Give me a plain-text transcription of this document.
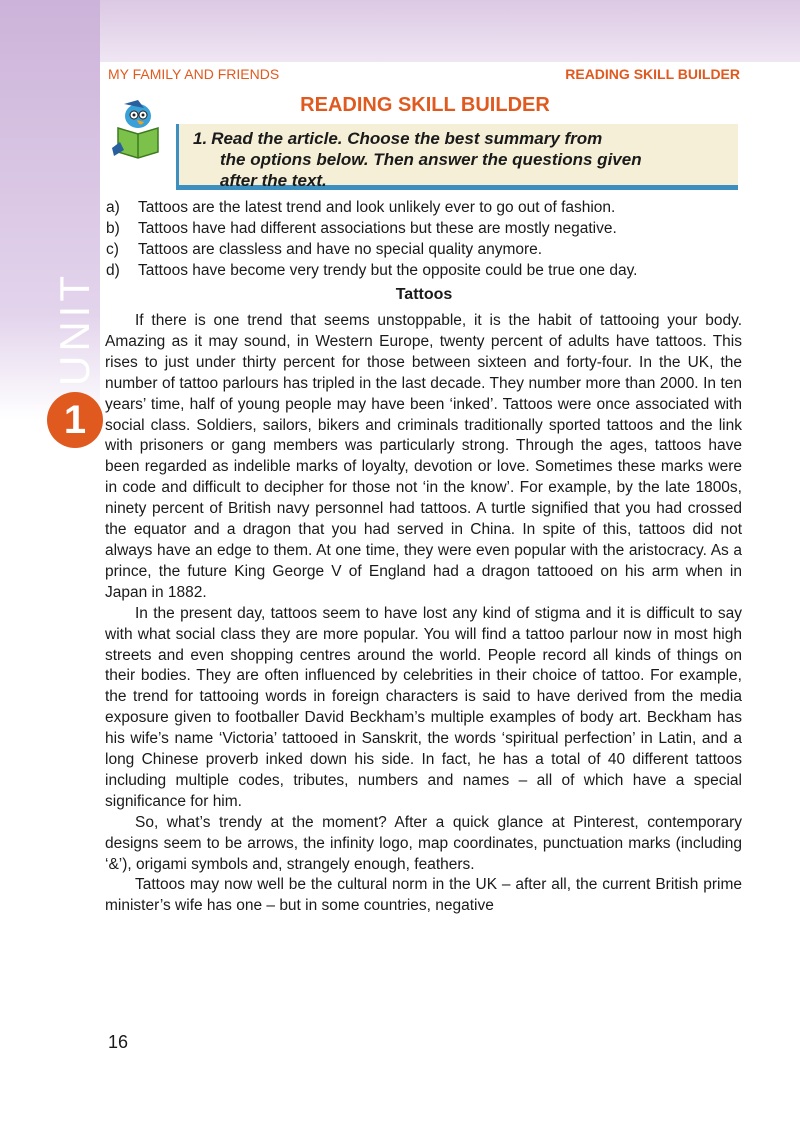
1
UNIT
MY FAMILY AND FRIENDS	READING SKILL BUILDER
READING SKILL BUILDER
1. Read the article. Choose the best summary from
the options below. Then answer the questions given
after the text.
a) Tattoos are the latest trend and look unlikely ever to go out of fashion.
b) Tattoos have had different associations but these are mostly negative.
c) Tattoos are classless and have no special quality anymore.
d) Tattoos have become very trendy but the opposite could be true one day.
Tattoos

If there is one trend that seems unstoppable, it is the habit of tattooing your body. Amazing as it may sound, in Western Europe, twenty percent of adults have tattoos. This rises to just under thirty percent for those between sixteen and forty-four. In the UK, the number of tattoo parlours has tripled in the last decade. They number more than 2000. In ten years’ time, half of young people may have been ‘inked’. Tattoos were once associated with social class. Soldiers, sailors, bikers and criminals traditionally sported tattoos and the link with prisoners or gang members was particularly strong. Through the ages, tattoos have been regarded as indelible marks of loyalty, devotion or love. Sometimes these marks were in code and difficult to decipher for those not ‘in the know’. For example, by the late 1800s, ninety percent of British navy personnel had tattoos. A turtle signified that you had crossed the equator and a dragon that you had served in China. In spite of this, tattoos did not always have an edge to them. At one time, they were even popular with the aristocracy. As a prince, the future King George V of England had a dragon tattooed on his arm when in Japan in 1882.

In the present day, tattoos seem to have lost any kind of stigma and it is difficult to say with what social class they are more popular. You will find a tattoo parlour now in most high streets and even shopping centres around the world. People record all kinds of things on their bodies. They are often influenced by celebrities in their choice of tattoo. For example, the trend for tattooing words in foreign characters is said to have derived from the media exposure given to footballer David Beckham’s multiple examples of body art. Beckham has his wife’s name ‘Victoria’ tattooed in Sanskrit, the words ‘spiritual perfection’ in Latin, and a long Chinese proverb inked down his side. In fact, he has a total of 40 different tattoos including multiple codes, tributes, numbers and names – all of which have a special significance for him.

So, what’s trendy at the moment? After a quick glance at Pinterest, contemporary designs seem to be arrows, the infinity logo, map coordinates, punctuation marks (including ‘&’), origami symbols and, strangely enough, feathers.

Tattoos may now well be the cultural norm in the UK – after all, the current British prime minister’s wife has one – but in some countries, negative

16
